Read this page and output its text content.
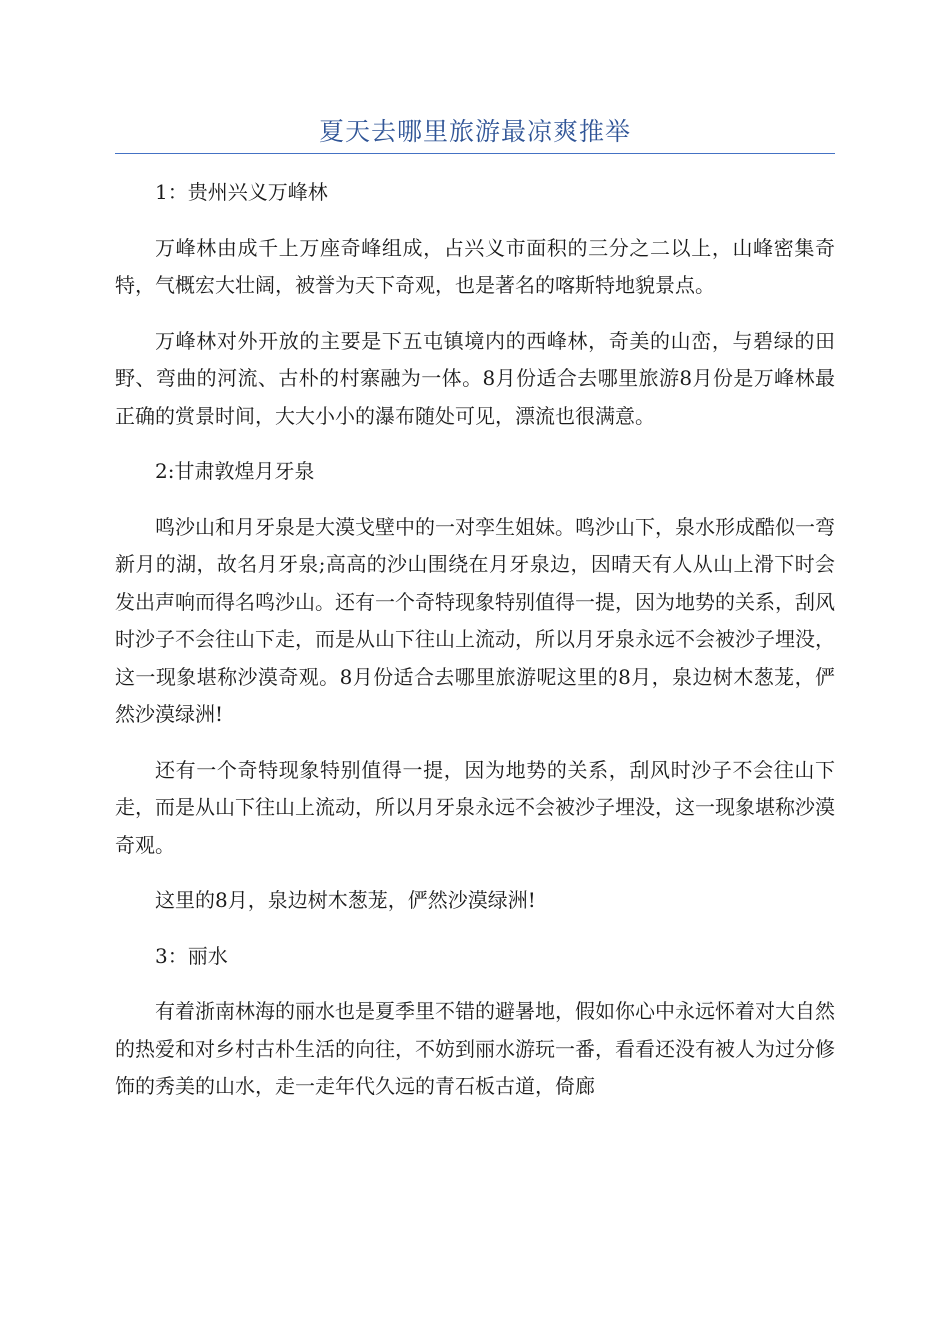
夏天去哪里旅游最凉爽推举

1：贵州兴义万峰林

万峰林由成千上万座奇峰组成，占兴义市面积的三分之二以上，山峰密集奇特，气概宏大壮阔，被誉为天下奇观，也是著名的喀斯特地貌景点。

万峰林对外开放的主要是下五屯镇境内的西峰林，奇美的山峦，与碧绿的田野、弯曲的河流、古朴的村寨融为一体。8月份适合去哪里旅游8月份是万峰林最正确的赏景时间，大大小小的瀑布随处可见，漂流也很满意。

2:甘肃敦煌月牙泉

鸣沙山和月牙泉是大漠戈壁中的一对孪生姐妹。鸣沙山下，泉水形成酷似一弯新月的湖，故名月牙泉;高高的沙山围绕在月牙泉边，因晴天有人从山上滑下时会发出声响而得名鸣沙山。还有一个奇特现象特别值得一提，因为地势的关系，刮风时沙子不会往山下走，而是从山下往山上流动，所以月牙泉永远不会被沙子埋没，这一现象堪称沙漠奇观。8月份适合去哪里旅游呢这里的8月，泉边树木葱茏，俨然沙漠绿洲!

还有一个奇特现象特别值得一提，因为地势的关系，刮风时沙子不会往山下走，而是从山下往山上流动，所以月牙泉永远不会被沙子埋没，这一现象堪称沙漠奇观。

这里的8月，泉边树木葱茏，俨然沙漠绿洲!

3：丽水

有着浙南林海的丽水也是夏季里不错的避暑地，假如你心中永远怀着对大自然的热爱和对乡村古朴生活的向往，不妨到丽水游玩一番，看看还没有被人为过分修饰的秀美的山水，走一走年代久远的青石板古道，倚廊
